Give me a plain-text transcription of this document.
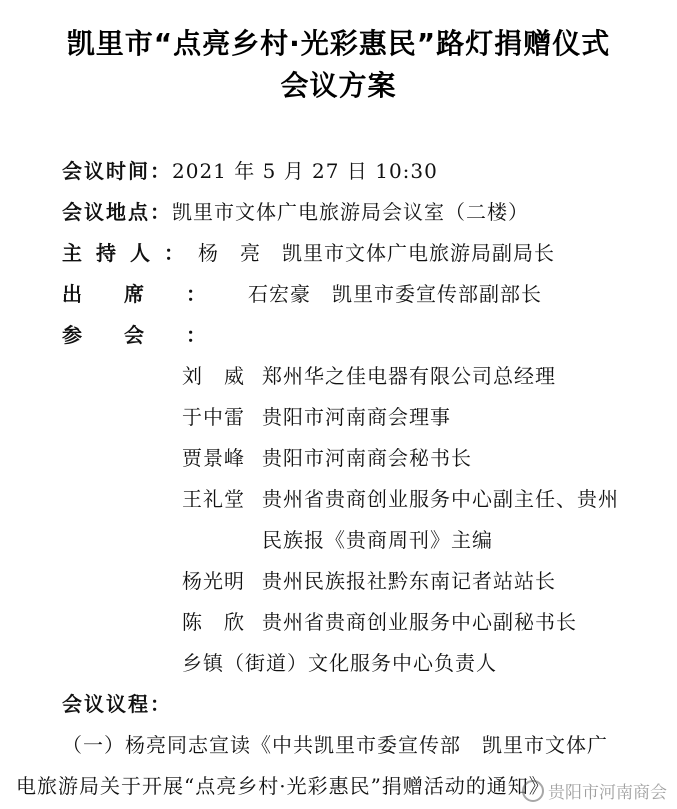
凯里市“点亮乡村·光彩惠民”路灯捐赠仪式
会议方案
会议时间：2021 年 5 月 27 日 10:30
会议地点：凯里市文体广电旅游局会议室（二楼）
主持人：杨　亮　凯里市文体广电旅游局副局长
出席：石宏豪　凯里市委宣传部副部长
参会：
刘　威 郑州华之佳电器有限公司总经理
于中雷 贵阳市河南商会理事
贾景峰 贵阳市河南商会秘书长
王礼堂 贵州省贵商创业服务中心副主任、贵州
民族报《贵商周刊》主编
杨光明 贵州民族报社黔东南记者站站长
陈　欣 贵州省贵商创业服务中心副秘书长
乡镇（街道）文化服务中心负责人
会议议程：
（一）杨亮同志宣读《中共凯里市委宣传部　凯里市文体广
电旅游局关于开展“点亮乡村·光彩惠民”捐赠活动的通知》
贵阳市河南商会
